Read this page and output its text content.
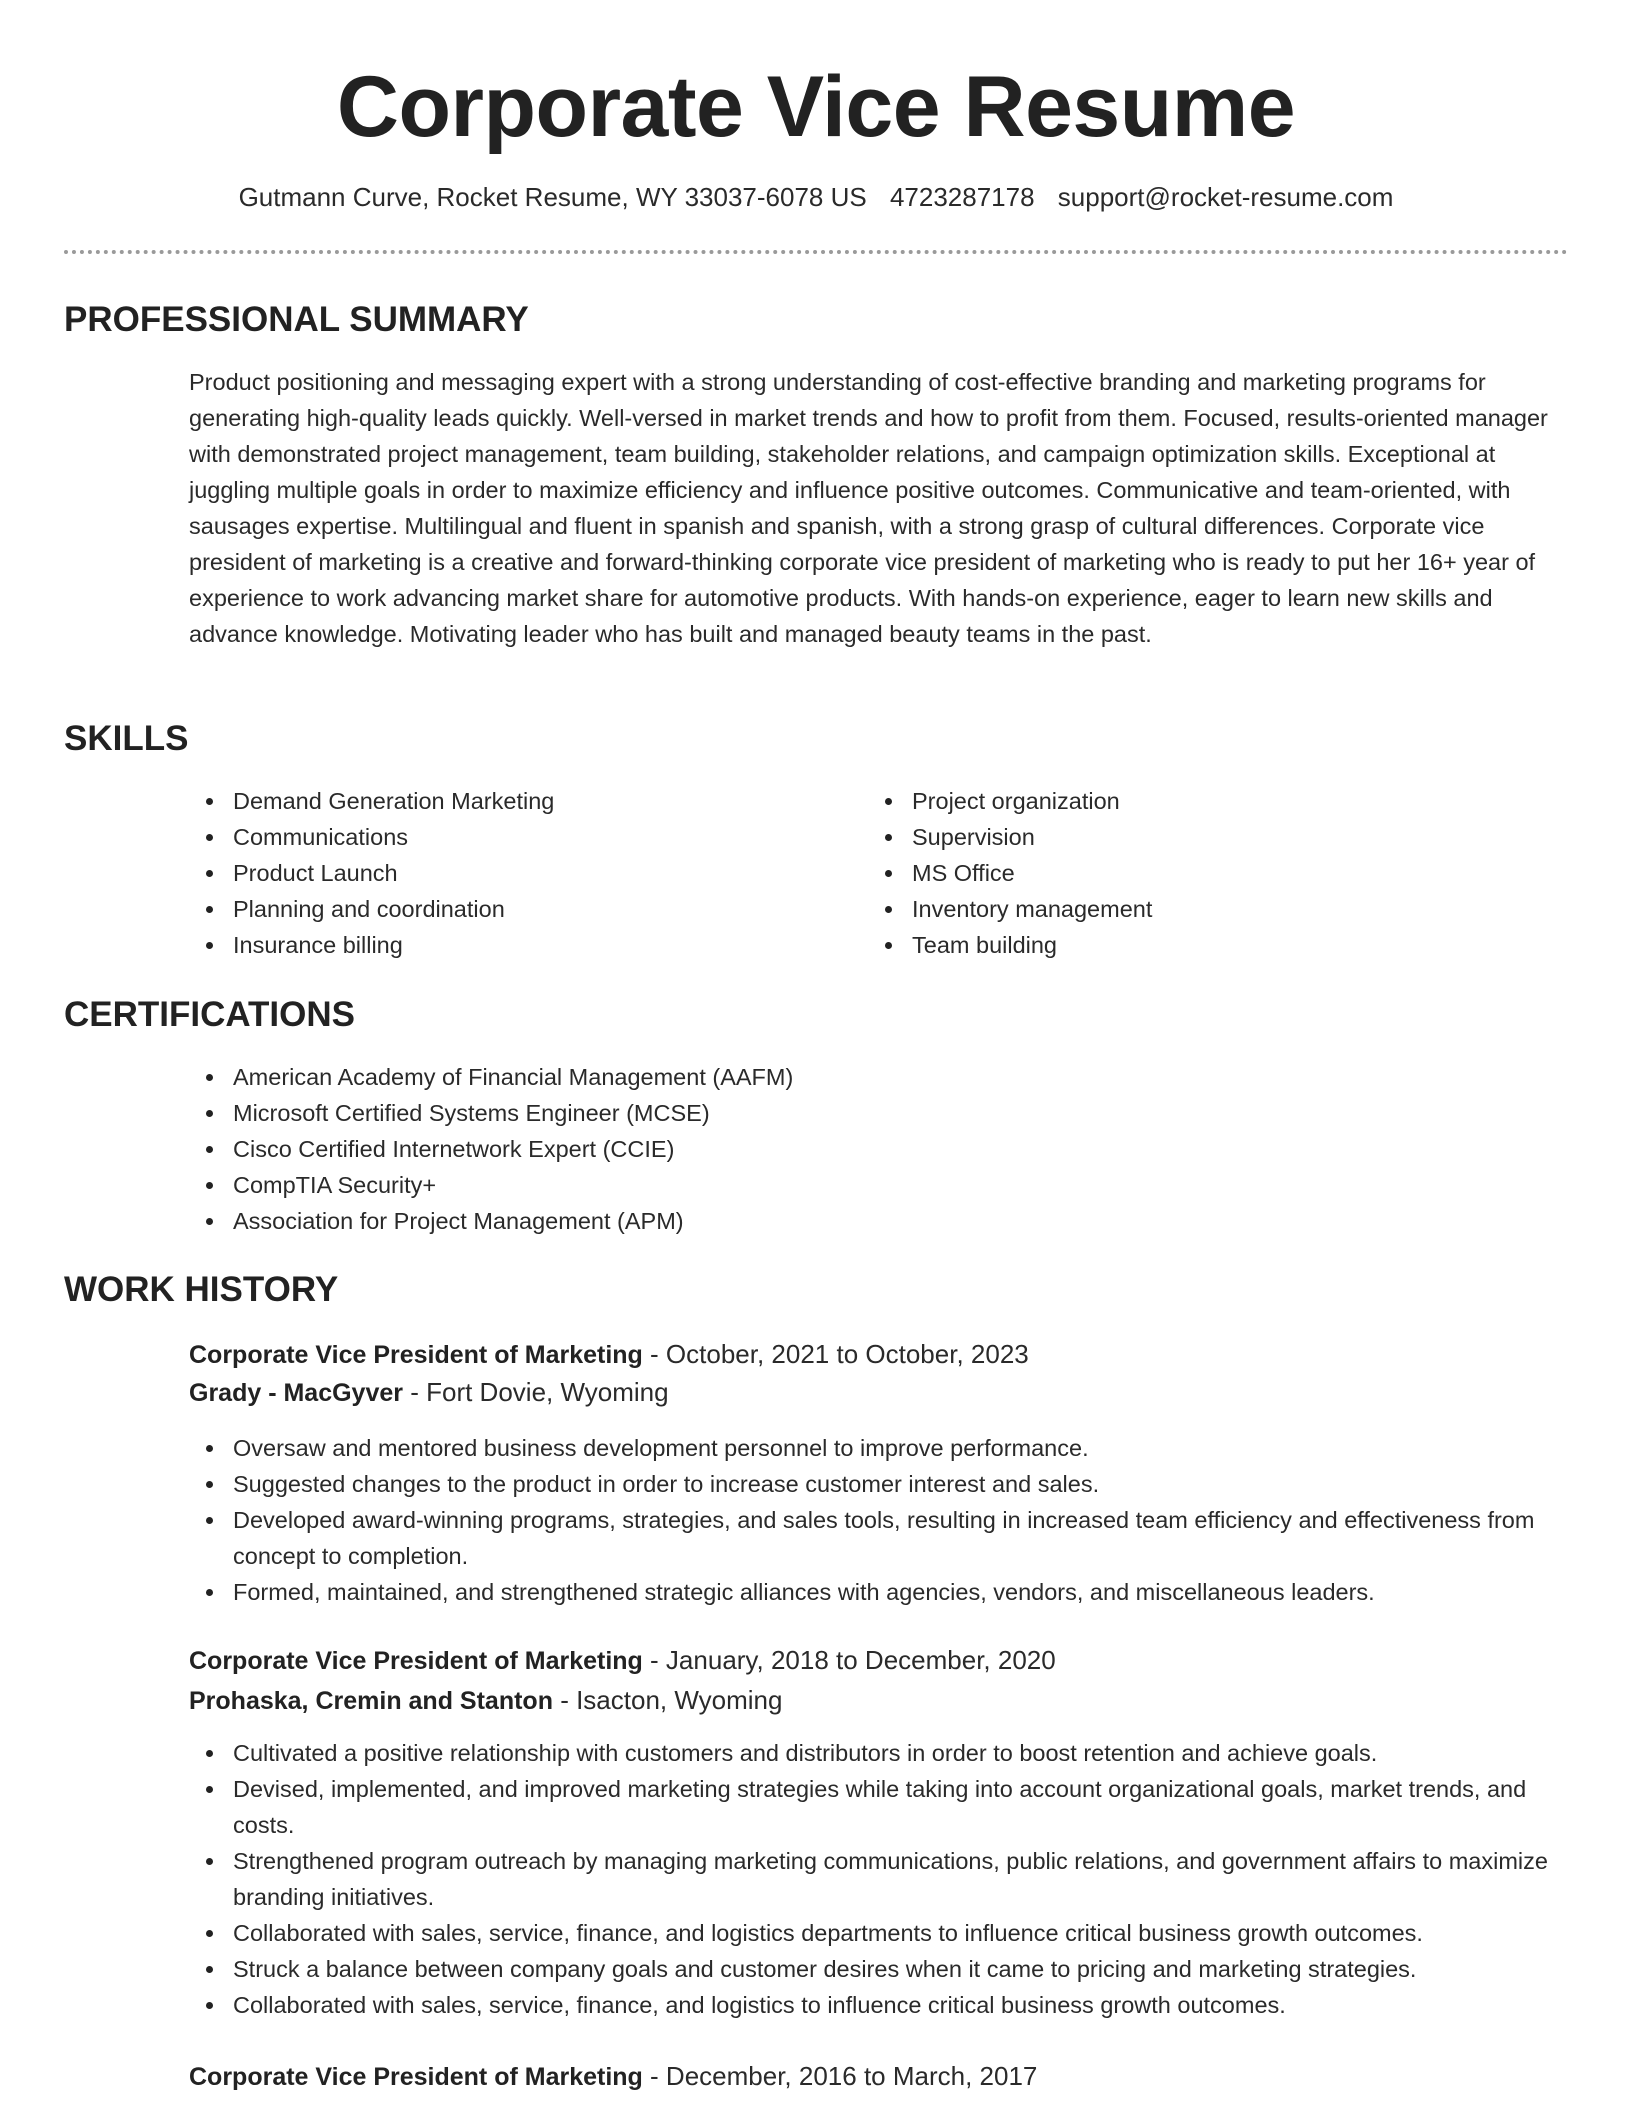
Corporate Vice Resume
Gutmann Curve, Rocket Resume, WY 33037-6078 US 4723287178 support@rocket-resume.com
PROFESSIONAL SUMMARY

Product positioning and messaging expert with a strong understanding of cost-effective branding and marketing programs for generating high-quality leads quickly. Well-versed in market trends and how to profit from them. Focused, results-oriented manager with demonstrated project management, team building, stakeholder relations, and campaign optimization skills. Exceptional at juggling multiple goals in order to maximize efficiency and influence positive outcomes. Communicative and team-oriented, with sausages expertise. Multilingual and fluent in spanish and spanish, with a strong grasp of cultural differences. Corporate vice president of marketing is a creative and forward-thinking corporate vice president of marketing who is ready to put her 16+ year of experience to work advancing market share for automotive products. With hands-on experience, eager to learn new skills and advance knowledge. Motivating leader who has built and managed beauty teams in the past.

SKILLS
Demand Generation Marketing
Communications
Product Launch
Planning and coordination
Insurance billing
Project organization
Supervision
MS Office
Inventory management
Team building
CERTIFICATIONS
American Academy of Financial Management (AAFM)
Microsoft Certified Systems Engineer (MCSE)
Cisco Certified Internetwork Expert (CCIE)
CompTIA Security+
Association for Project Management (APM)
WORK HISTORY
Corporate Vice President of Marketing - October, 2021 to October, 2023
Grady - MacGyver - Fort Dovie, Wyoming
Oversaw and mentored business development personnel to improve performance.
Suggested changes to the product in order to increase customer interest and sales.
Developed award-winning programs, strategies, and sales tools, resulting in increased team efficiency and effectiveness from concept to completion.
Formed, maintained, and strengthened strategic alliances with agencies, vendors, and miscellaneous leaders.
Corporate Vice President of Marketing - January, 2018 to December, 2020
Prohaska, Cremin and Stanton - Isacton, Wyoming
Cultivated a positive relationship with customers and distributors in order to boost retention and achieve goals.
Devised, implemented, and improved marketing strategies while taking into account organizational goals, market trends, and costs.
Strengthened program outreach by managing marketing communications, public relations, and government affairs to maximize branding initiatives.
Collaborated with sales, service, finance, and logistics departments to influence critical business growth outcomes.
Struck a balance between company goals and customer desires when it came to pricing and marketing strategies.
Collaborated with sales, service, finance, and logistics to influence critical business growth outcomes.
Corporate Vice President of Marketing - December, 2016 to March, 2017
